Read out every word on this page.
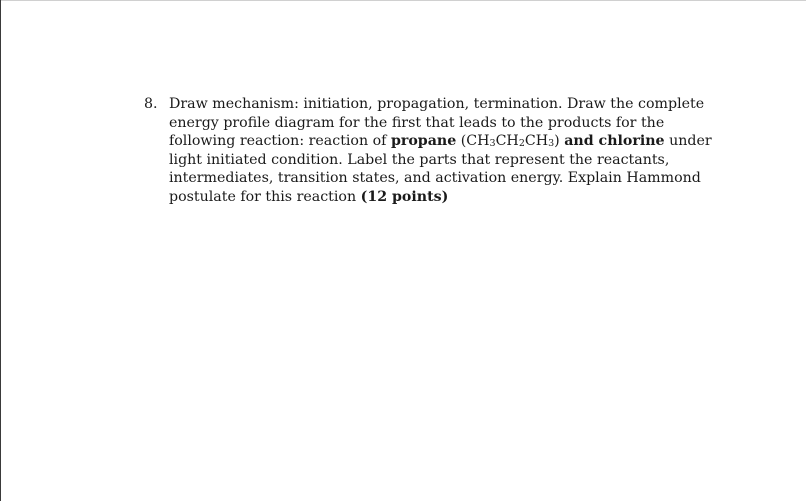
8. Draw mechanism: initiation, propagation, termination. Draw the complete
energy profile diagram for the first that leads to the products for the
following reaction: reaction of propane $(CH_3CH_2CH_3)$ and chlorine under
light initiated condition. Label the parts that represent the reactants,
intermediates, transition states, and activation energy. Explain Hammond
postulate for this reaction (12 points)
